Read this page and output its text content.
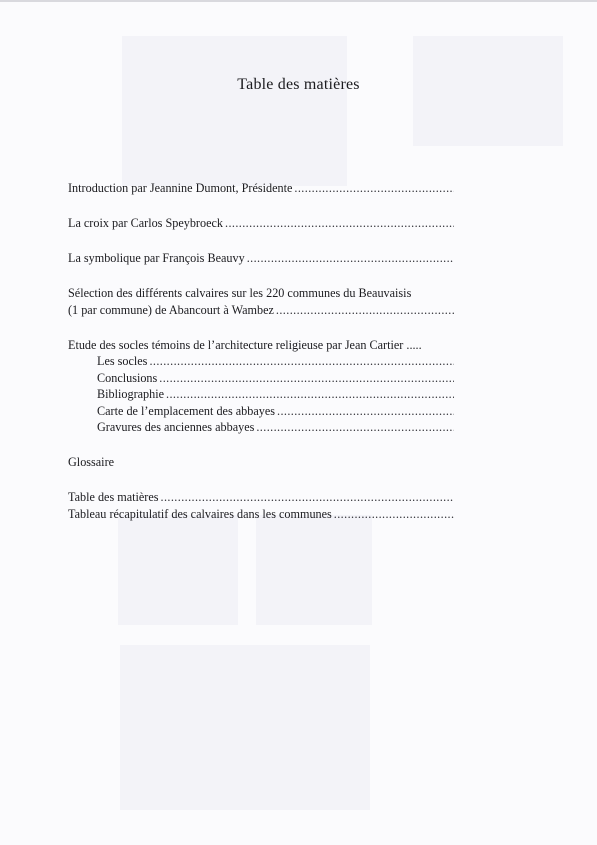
Table des matières
Introduction par Jeannine Dumont, Présidente
.....
La croix par Carlos Speybroeck
.....
La symbolique par François Beauvy
.....
Sélection des différents calvaires sur les 220 communes du Beauvaisis
(1 par commune) de Abancourt à Wambez
.....
Etude des socles témoins de l’architecture religieuse par Jean Cartier .....
Les socles
.....
Conclusions
.....
Bibliographie
.....
Carte de l’emplacement des abbayes
.....
Gravures des anciennes abbayes
.....
Glossaire
Table des matières
.....
Tableau récapitulatif des calvaires dans les communes
.....
